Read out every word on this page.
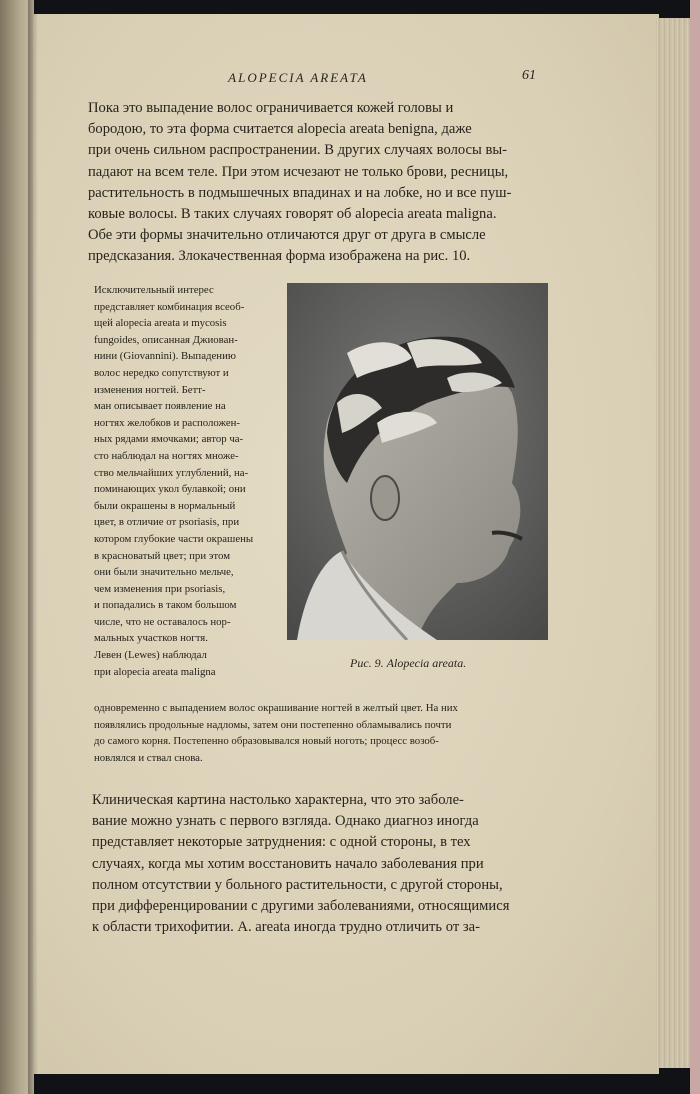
ALOPECIA AREATA	61
Пока это выпадение волос ограничивается кожей головы и
бородою, то эта форма считается alopecia areata benigna, даже
при очень сильном распространении. В других случаях волосы вы-
падают на всем теле. При этом исчезают не только брови, ресницы,
растительность в подмышечных впадинах и на лобке, но и все пуш-
ковые волосы. В таких случаях говорят об alopecia areata maligna.
Обе эти формы значительно отличаются друг от друга в смысле
предсказания. Злокачественная форма изображена на рис. 10.
Исключительный интерес
представляет комбинация всеоб-
щей alopecia areata и mycosis
fungoides, описанная Джиован-
нини (Giovannini). Выпадению
волос нередко сопутствуют и
изменения ногтей. Бетт-
ман описывает появление на
ногтях желобков и расположен-
ных рядами ямочками; автор ча-
сто наблюдал на ногтях множе-
ство мельчайших углублений, на-
поминающих укол булавкой; они
были окрашены в нормальный
цвет, в отличие от psoriasis, при
котором глубокие части окрашены
в красноватый цвет; при этом
они были значительно мельче,
чем изменения при psoriasis,
и попадались в таком большом
числе, что не оставалось нор-
мальных участков ногтя.
Левен (Lewes) наблюдал
при alopecia areata maligna
одновременно с выпадением волос окрашивание ногтей в желтый цвет. На них
появлялись продольные надломы, затем они постепенно обламывались почти
до самого корня. Постепенно образовывался новый ноготь; процесс возоб-
новлялся и ствал снова.
Рис. 9. Alopecia areata.
Клиническая картина настолько характерна, что это заболе-
вание можно узнать с первого взгляда. Однако диагноз иногда
представляет некоторые затруднения: с одной стороны, в тех
случаях, когда мы хотим восстановить начало заболевания при
полном отсутствии у больного растительности, с другой стороны,
при дифференцировании с другими заболеваниями, относящимися
к области трихофитии. A. areata иногда трудно отличить от за-
